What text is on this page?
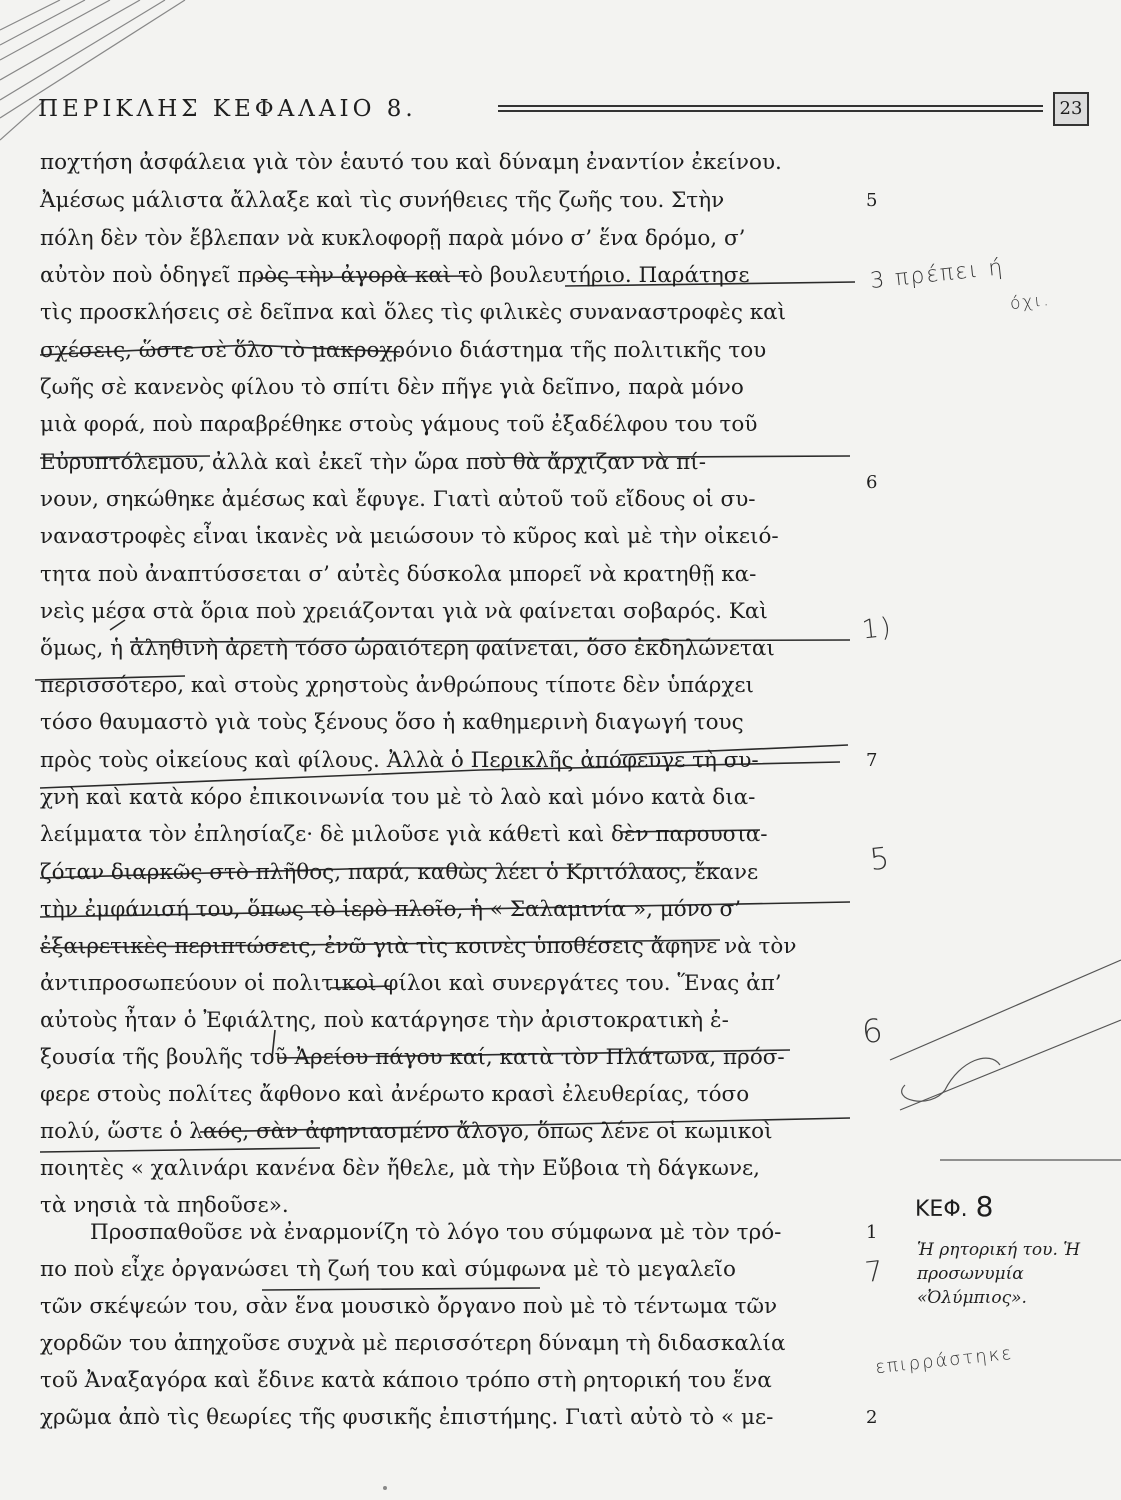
ΠΕΡΙΚΛΗΣ ΚΕΦΑΛΑΙΟ 8.	23
ποχτήση ἀσφάλεια γιὰ τὸν ἑαυτό του καὶ δύναμη ἐναντίον ἐκείνου.
Ἀμέσως μάλιστα ἄλλαξε καὶ τὶς συνήθειες τῆς ζωῆς του. Στὴν
πόλη δὲν τὸν ἔβλεπαν νὰ κυκλοφορῇ παρὰ μόνο σ’ ἕνα δρόμο, σ’
αὐτὸν ποὺ ὁδηγεῖ πρὸς τὴν ἀγορὰ καὶ τὸ βουλευτήριο. Παράτησε
τὶς προσκλήσεις σὲ δεῖπνα καὶ ὅλες τὶς φιλικὲς συναναστροφὲς καὶ
σχέσεις, ὥστε σὲ ὅλο τὸ μακροχρόνιο διάστημα τῆς πολιτικῆς του
ζωῆς σὲ κανενὸς φίλου τὸ σπίτι δὲν πῆγε γιὰ δεῖπνο, παρὰ μόνο
μιὰ φορά, ποὺ παραβρέθηκε στοὺς γάμους τοῦ ἐξαδέλφου του τοῦ
Εὐρυπτόλεμου, ἀλλὰ καὶ ἐκεῖ τὴν ὥρα ποὺ θὰ ἄρχιζαν νὰ πί-
νουν, σηκώθηκε ἀμέσως καὶ ἔφυγε. Γιατὶ αὐτοῦ τοῦ εἴδους οἱ συ-
ναναστροφὲς εἶναι ἱκανὲς νὰ μειώσουν τὸ κῦρος καὶ μὲ τὴν οἰκειό-
τητα ποὺ ἀναπτύσσεται σ’ αὐτὲς δύσκολα μπορεῖ νὰ κρατηθῇ κα-
νεὶς μέσα στὰ ὅρια ποὺ χρειάζονται γιὰ νὰ φαίνεται σοβαρός. Καὶ
ὅμως, ἡ ἀληθινὴ ἀρετὴ τόσο ὡραιότερη φαίνεται, ὅσο ἐκδηλώνεται
περισσότερο, καὶ στοὺς χρηστοὺς ἀνθρώπους τίποτε δὲν ὑπάρχει
τόσο θαυμαστὸ γιὰ τοὺς ξένους ὅσο ἡ καθημερινὴ διαγωγή τους
πρὸς τοὺς οἰκείους καὶ φίλους. Ἀλλὰ ὁ Περικλῆς ἀπόφευγε τὴ συ-
χνὴ καὶ κατὰ κόρο ἐπικοινωνία του μὲ τὸ λαὸ καὶ μόνο κατὰ δια-
λείμματα τὸν ἐπλησίαζε· δὲ μιλοῦσε γιὰ κάθετὶ καὶ δὲν παρουσια-
ζόταν διαρκῶς στὸ πλῆθος, παρά, καθὼς λέει ὁ Κριτόλαος, ἔκανε
τὴν ἐμφάνισή του, ὅπως τὸ ἱερὸ πλοῖο, ἡ « Σαλαμινία », μόνο σ’
ἐξαιρετικὲς περιπτώσεις, ἐνῶ γιὰ τὶς κοινὲς ὑποθέσεις ἄφηνε νὰ τὸν
ἀντιπροσωπεύουν οἱ πολιτικοὶ φίλοι καὶ συνεργάτες του. Ἕνας ἀπ’
αὐτοὺς ἦταν ὁ Ἐφιάλτης, ποὺ κατάργησε τὴν ἀριστοκρατικὴ ἐ-
ξουσία τῆς βουλῆς τοῦ Ἀρείου πάγου καί, κατὰ τὸν Πλάτωνα, πρόσ-
φερε στοὺς πολίτες ἄφθονο καὶ ἀνέρωτο κρασὶ ἐλευθερίας, τόσο
πολύ, ὥστε ὁ λαός, σὰν ἀφηνιασμένο ἄλογο, ὅπως λένε οἱ κωμικοὶ
ποιητὲς « χαλινάρι κανένα δὲν ἤθελε, μὰ τὴν Εὔβοια τὴ δάγκωνε,
τὰ νησιὰ τὰ πηδοῦσε».
Προσπαθοῦσε νὰ ἐναρμονίζη τὸ λόγο του σύμφωνα μὲ τὸν τρό-
πο ποὺ εἶχε ὀργανώσει τὴ ζωή του καὶ σύμφωνα μὲ τὸ μεγαλεῖο
τῶν σκέψεών του, σὰν ἕνα μουσικὸ ὄργανο ποὺ μὲ τὸ τέντωμα τῶν
χορδῶν του ἀπηχοῦσε συχνὰ μὲ περισσότερη δύναμη τὴ διδασκαλία
τοῦ Ἀναξαγόρα καὶ ἔδινε κατὰ κάποιο τρόπο στὴ ρητορική του ἕνα
χρῶμα ἀπὸ τὶς θεωρίες τῆς φυσικῆς ἐπιστήμης. Γιατὶ αὐτὸ τὸ « με-
5
6
7
1
2
ΚΕΦ. 8
Ἡ ρητορική του. Ἡ προσωνυμία «Ὀλύμπιος».
3 πρέπει ή
όχι.
1)
5
6
7
επιρράστηκε
